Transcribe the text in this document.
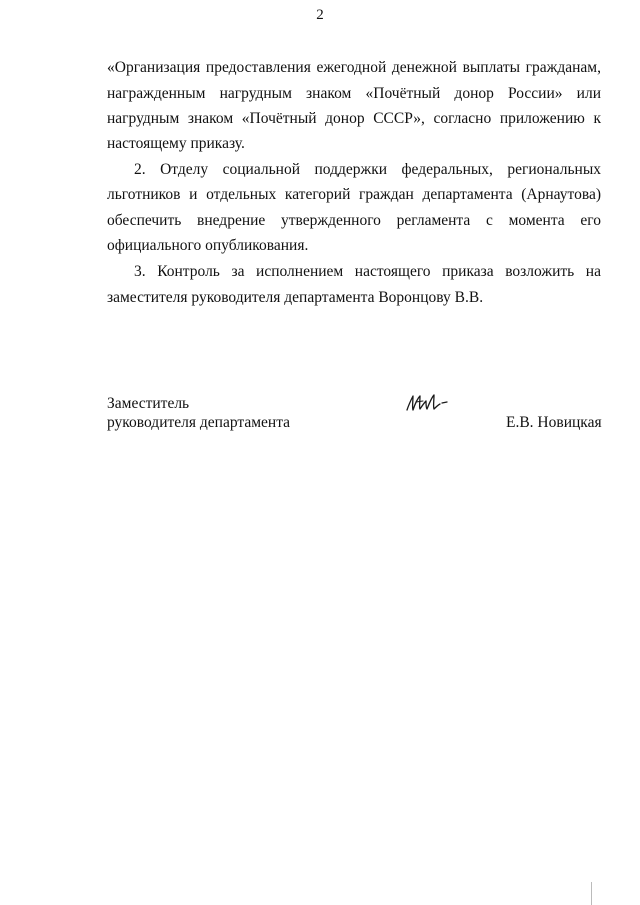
2
«Организация предоставления ежегодной денежной выплаты гражданам,
награжденным нагрудным знаком «Почётный донор России» или
нагрудным знаком «Почётный донор СССР», согласно приложению к
настоящему приказу.
2. Отделу социальной поддержки федеральных, региональных
льготников и отдельных категорий граждан департамента (Арнаутова)
обеспечить внедрение утвержденного регламента с момента его
официального опубликования.
3. Контроль за исполнением настоящего приказа возложить на
заместителя руководителя департамента Воронцову В.В.
Заместитель
руководителя департамента	Е.В. Новицкая
